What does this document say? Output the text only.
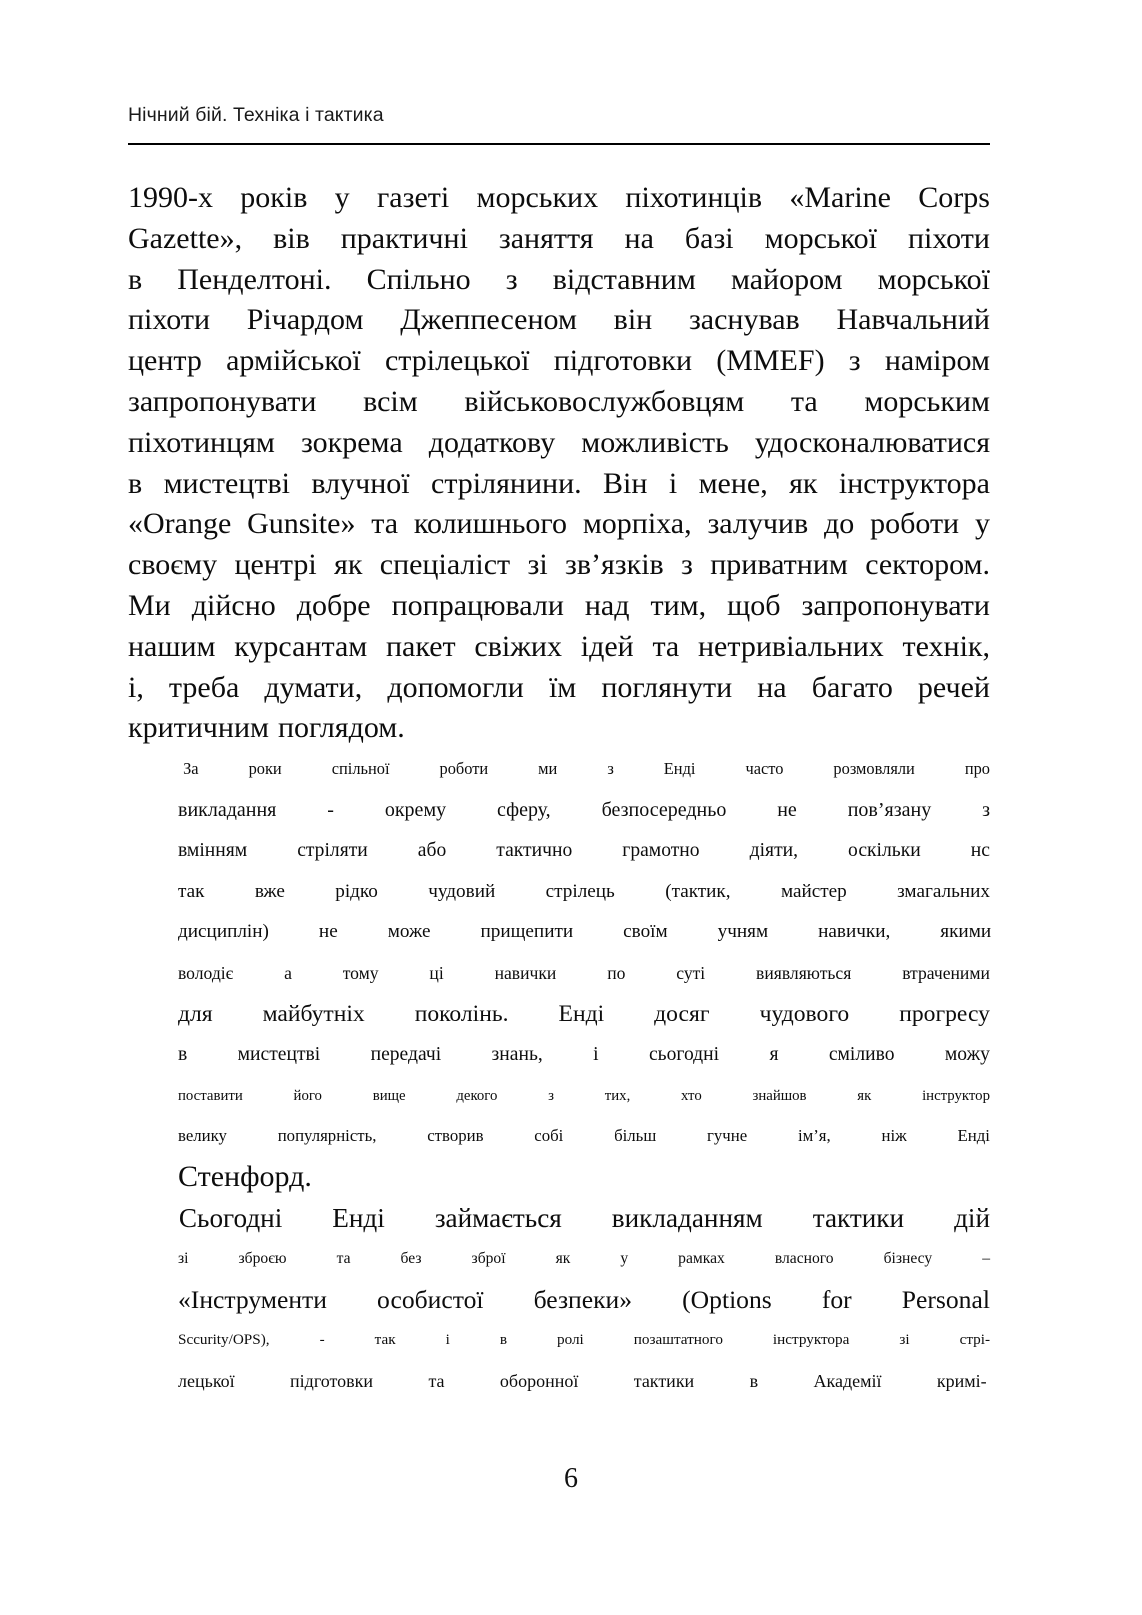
Нічний бій. Техніка і тактика

1990-х років у газеті морських піхотинців «Marine Corps
Gazette», вів практичні заняття на базі морської піхоти
в Пенделтоні. Спільно з відставним майором морської
піхоти Річардом Джеппесеном він заснував Навчальний
центр армійської стрілецької підготовки (MMEF) з наміром
запропонувати всім військовослужбовцям та морським
піхотинцям зокрема додаткову можливість удосконалюватися
в мистецтві влучної стрілянини. Він і мене, як інструктора
«Orange Gunsite» та колишнього морпіха, залучив до роботи у
своєму центрі як спеціаліст зі зв’язків з приватним сектором.
Ми дійсно добре попрацювали над тим, щоб запропонувати
нашим курсантам пакет свіжих ідей та нетривіальних технік,
і, треба думати, допомогли їм поглянути на багато речей
критичним поглядом.

За	роки	спільної	роботи	ми	з	Енді	часто	розмовляли	про
викладання	-	окрему	сферу,	безпосередньо	не	пов’язану	з
вмінням	стріляти	або	тактично	грамотно	діяти,	оскільки	нс
так	вже	рідко	чудовий	стрілець	(тактик,	майстер	змагальних
дисциплін)	не	може	прищепити	своїм	учням	навички,	якими
володіє	а	тому	ці	навички	по	суті	виявляються	втраченими
для	майбутніх	поколінь.	Енді	досяг	чудового	прогресу
в	мистецтві	передачі	знань,	і	сьогодні	я	сміливо	можу
поставити	його	вище	декого	з	тих,	хто	знайшов	як	інструктор
велику	популярність,	створив	собі	більш	гучне	ім’я,	ніж	Енді
Стенфорд.

Сьогодні	Енді	займається	викладанням	тактики	дій
зі	зброєю	та	без	зброї	як	у	рамках	власного	бізнесу	–
«Інструменти	особистої	безпеки»	(Options	for	Personal
Sccurity/OPS),	-	так	і	в	ролі	позаштатного	інструктора	зі	стрі-
лецької	підготовки	та	оборонної	тактики	в	Академії	кримі-

6
